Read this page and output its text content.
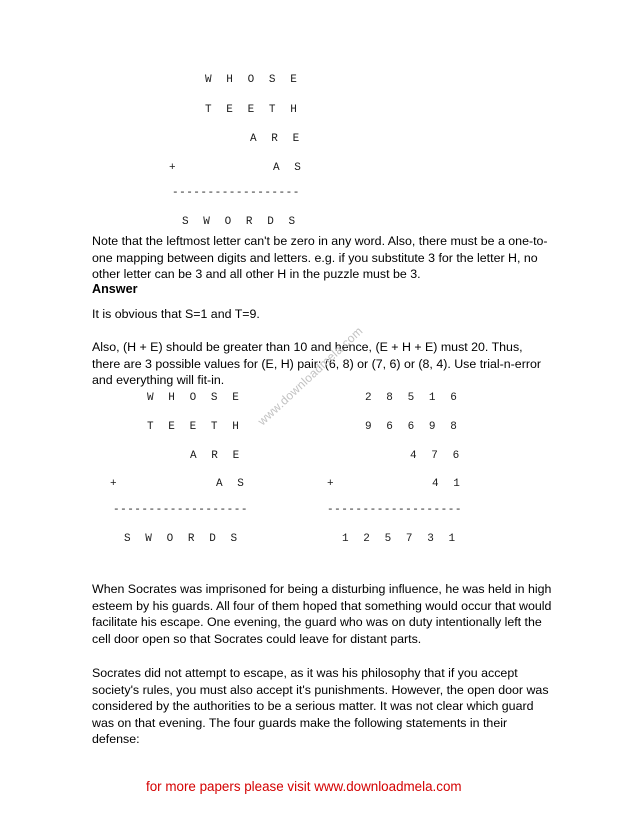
W  H  O  S  E
T  E  E  T  H
A  R  E
+	A  S
------------------
S  W  O  R  D  S
Note that the leftmost letter can't be zero in any word. Also, there must be a one-to-one mapping between digits and letters. e.g. if you substitute 3 for the letter H, no other letter can be 3 and all other H in the puzzle must be 3.
Answer
It is obvious that S=1 and T=9.
Also, (H + E) should be greater than 10 and hence, (E + H + E) must 20. Thus, there are 3 possible values for (E, H) pair: (6, 8) or (7, 6) or (8, 4). Use trial-n-error and everything will fit-in.	www.downloadmela.com
W  H  O  S  E
T  E  E  T  H
A  R  E
+	A  S
-------------------
S  W  O  R  D  S
2  8  5  1  6
9  6  6  9  8
4  7  6
+	4  1
-------------------
1  2  5  7  3  1
When Socrates was imprisoned for being a disturbing influence, he was held in high esteem by his guards. All four of them hoped that something would occur that would facilitate his escape. One evening, the guard who was on duty intentionally left the cell door open so that Socrates could leave for distant parts.
Socrates did not attempt to escape, as it was his philosophy that if you accept society's rules, you must also accept it's punishments. However, the open door was considered by the authorities to be a serious matter. It was not clear which guard was on that evening. The four guards make the following statements in their defense:
for more papers please visit www.downloadmela.com
